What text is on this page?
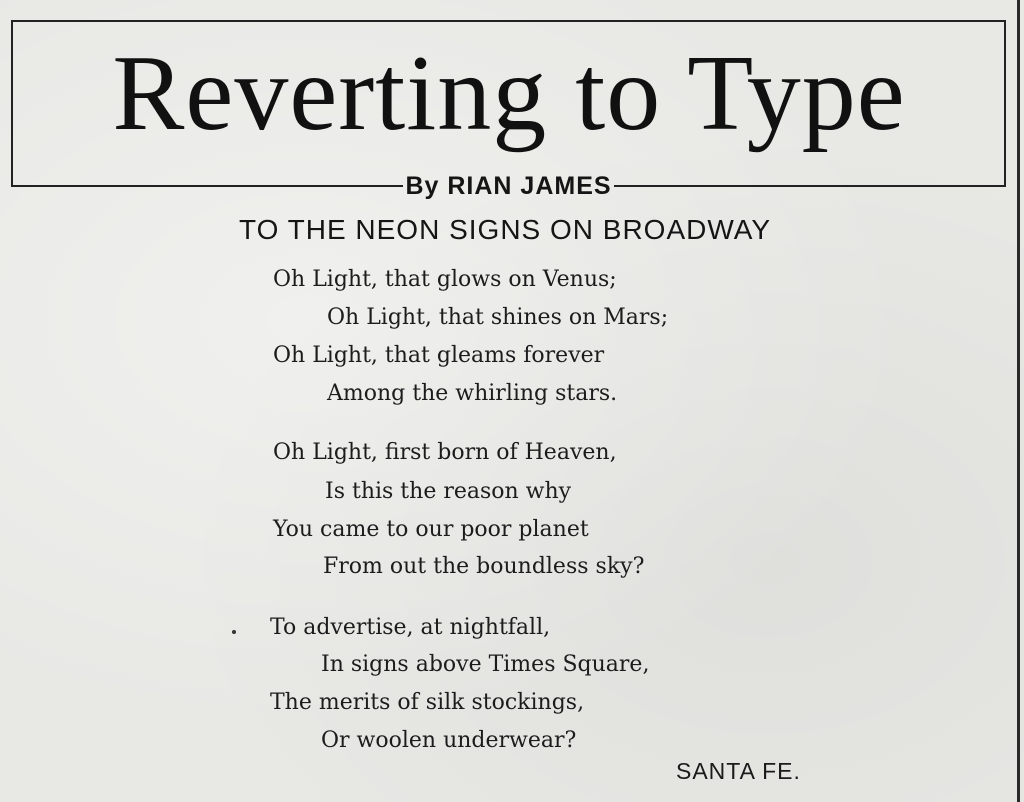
Reverting to Type
By RIAN JAMES
TO THE NEON SIGNS ON BROADWAY
Oh Light, that glows on Venus;
Oh Light, that shines on Mars;
Oh Light, that gleams forever
Among the whirling stars.
Oh Light, first born of Heaven,
Is this the reason why
You came to our poor planet
From out the boundless sky?
To advertise, at nightfall,
In signs above Times Square,
The merits of silk stockings,
Or woolen underwear?
SANTA FE.
